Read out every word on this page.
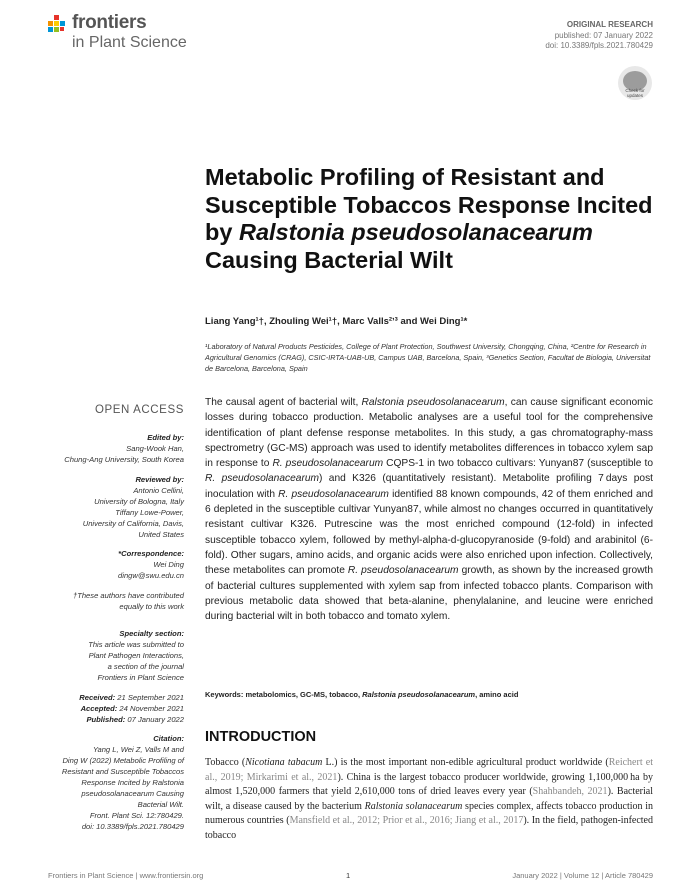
frontiers
in Plant Science
ORIGINAL RESEARCH
published: 07 January 2022
doi: 10.3389/fpls.2021.780429
Check for updates
Metabolic Profiling of Resistant and Susceptible Tobaccos Response Incited by Ralstonia pseudosolanacearum Causing Bacterial Wilt
Liang Yang¹†, Zhouling Wei¹†, Marc Valls²ʼ³ and Wei Ding¹*
¹Laboratory of Natural Products Pesticides, College of Plant Protection, Southwest University, Chongqing, China, ²Centre for Research in Agricultural Genomics (CRAG), CSIC-IRTA-UAB-UB, Campus UAB, Barcelona, Spain, ³Genetics Section, Facultat de Biologia, Universitat de Barcelona, Barcelona, Spain
OPEN ACCESS
Edited by:
Sang-Wook Han,
Chung-Ang University, South Korea
Reviewed by:
Antonio Cellini,
University of Bologna, Italy
Tiffany Lowe-Power,
University of California, Davis,
United States
*Correspondence:
Wei Ding
dingw@swu.edu.cn
†These authors have contributed
equally to this work
Specialty section:
This article was submitted to
Plant Pathogen Interactions,
a section of the journal
Frontiers in Plant Science
Received: 21 September 2021
Accepted: 24 November 2021
Published: 07 January 2022
Citation:
Yang L, Wei Z, Valls M and
Ding W (2022) Metabolic Profiling of
Resistant and Susceptible Tobaccos
Response Incited by Ralstonia
pseudosolanacearum Causing
Bacterial Wilt.
Front. Plant Sci. 12:780429.
doi: 10.3389/fpls.2021.780429
The causal agent of bacterial wilt, Ralstonia pseudosolanacearum, can cause significant economic losses during tobacco production. Metabolic analyses are a useful tool for the comprehensive identification of plant defense response metabolites. In this study, a gas chromatography-mass spectrometry (GC-MS) approach was used to identify metabolites differences in tobacco xylem sap in response to R. pseudosolanacearum CQPS-1 in two tobacco cultivars: Yunyan87 (susceptible to R. pseudosolanacearum) and K326 (quantitatively resistant). Metabolite profiling 7 days post inoculation with R. pseudosolanacearum identified 88 known compounds, 42 of them enriched and 6 depleted in the susceptible cultivar Yunyan87, while almost no changes occurred in quantitatively resistant cultivar K326. Putrescine was the most enriched compound (12-fold) in infected susceptible tobacco xylem, followed by methyl-alpha-d-glucopyranoside (9-fold) and arabinitol (6-fold). Other sugars, amino acids, and organic acids were also enriched upon infection. Collectively, these metabolites can promote R. pseudosolanacearum growth, as shown by the increased growth of bacterial cultures supplemented with xylem sap from infected tobacco plants. Comparison with previous metabolic data showed that beta-alanine, phenylalanine, and leucine were enriched during bacterial wilt in both tobacco and tomato xylem.
Keywords: metabolomics, GC-MS, tobacco, Ralstonia pseudosolanacearum, amino acid
INTRODUCTION
Tobacco (Nicotiana tabacum L.) is the most important non-edible agricultural product worldwide (Reichert et al., 2019; Mirkarimi et al., 2021). China is the largest tobacco producer worldwide, growing 1,100,000 ha by almost 1,520,000 farmers that yield 2,610,000 tons of dried leaves every year (Shahbandeh, 2021). Bacterial wilt, a disease caused by the bacterium Ralstonia solanacearum species complex, affects tobacco production in numerous countries (Mansfield et al., 2012; Prior et al., 2016; Jiang et al., 2017). In the field, pathogen-infected tobacco
Frontiers in Plant Science | www.frontiersin.org	1	January 2022 | Volume 12 | Article 780429
